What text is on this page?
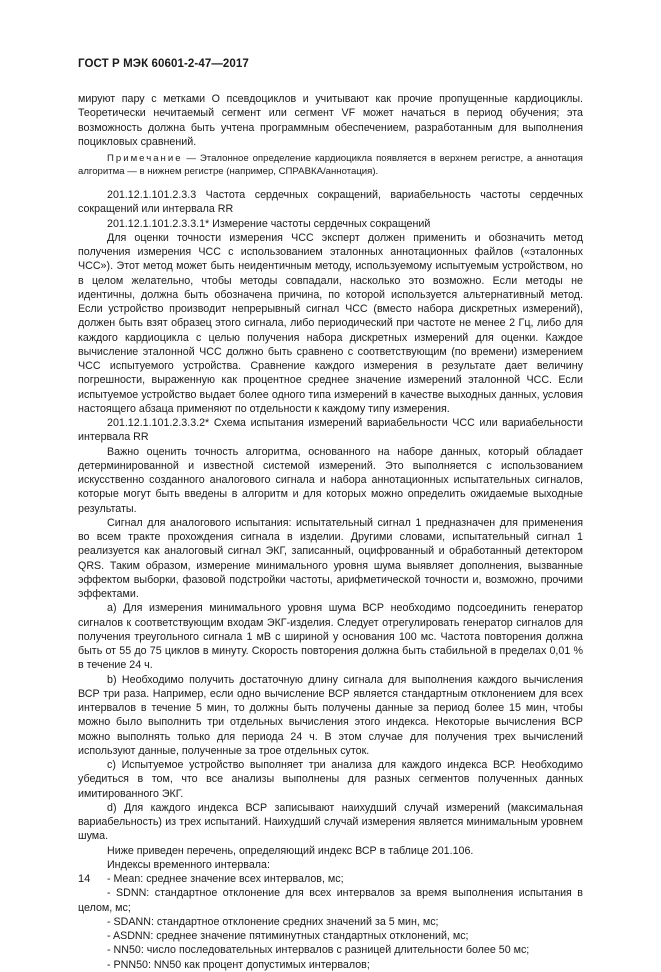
ГОСТ Р МЭК 60601-2-47—2017

мируют пару с метками О псевдоциклов и учитывают как прочие пропущенные кардиоциклы. Теоретически нечитаемый сегмент или сегмент VF может начаться в период обучения; эта возможность должна быть учтена программным обеспечением, разработанным для выполнения поцикловых сравнений.

Примечание — Эталонное определение кардиоцикла появляется в верхнем регистре, а аннотация алгоритма — в нижнем регистре (например, СПРАВКА/аннотация).

201.12.1.101.2.3.3 Частота сердечных сокращений, вариабельность частоты сердечных сокращений или интервала RR

201.12.1.101.2.3.3.1* Измерение частоты сердечных сокращений

Для оценки точности измерения ЧСС эксперт должен применить и обозначить метод получения измерения ЧСС с использованием эталонных аннотационных файлов («эталонных ЧСС»). Этот метод может быть неидентичным методу, используемому испытуемым устройством, но в целом желательно, чтобы методы совпадали, насколько это возможно. Если методы не идентичны, должна быть обозначена причина, по которой используется альтернативный метод. Если устройство производит непрерывный сигнал ЧСС (вместо набора дискретных измерений), должен быть взят образец этого сигнала, либо периодический при частоте не менее 2 Гц, либо для каждого кардиоцикла с целью получения набора дискретных измерений для оценки. Каждое вычисление эталонной ЧСС должно быть сравнено с соответствующим (по времени) измерением ЧСС испытуемого устройства. Сравнение каждого измерения в результате дает величину погрешности, выраженную как процентное среднее значение измерений эталонной ЧСС. Если испытуемое устройство выдает более одного типа измерений в качестве выходных данных, условия настоящего абзаца применяют по отдельности к каждому типу измерения.

201.12.1.101.2.3.3.2* Схема испытания измерений вариабельности ЧСС или вариабельности интервала RR

Важно оценить точность алгоритма, основанного на наборе данных, который обладает детерминированной и известной системой измерений. Это выполняется с использованием искусственно созданного аналогового сигнала и набора аннотационных испытательных сигналов, которые могут быть введены в алгоритм и для которых можно определить ожидаемые выходные результаты.

Сигнал для аналогового испытания: испытательный сигнал 1 предназначен для применения во всем тракте прохождения сигнала в изделии. Другими словами, испытательный сигнал 1 реализуется как аналоговый сигнал ЭКГ, записанный, оцифрованный и обработанный детектором QRS. Таким образом, измерение минимального уровня шума выявляет дополнения, вызванные эффектом выборки, фазовой подстройки частоты, арифметической точности и, возможно, прочими эффектами.

a) Для измерения минимального уровня шума ВСР необходимо подсоединить генератор сигналов к соответствующим входам ЭКГ-изделия. Следует отрегулировать генератор сигналов для получения треугольного сигнала 1 мВ с шириной у основания 100 мс. Частота повторения должна быть от 55 до 75 циклов в минуту. Скорость повторения должна быть стабильной в пределах 0,01 % в течение 24 ч.

b) Необходимо получить достаточную длину сигнала для выполнения каждого вычисления ВСР три раза. Например, если одно вычисление ВСР является стандартным отклонением для всех интервалов в течение 5 мин, то должны быть получены данные за период более 15 мин, чтобы можно было выполнить три отдельных вычисления этого индекса. Некоторые вычисления ВСР можно выполнять только для периода 24 ч. В этом случае для получения трех вычислений используют данные, полученные за трое отдельных суток.

c) Испытуемое устройство выполняет три анализа для каждого индекса ВСР. Необходимо убедиться в том, что все анализы выполнены для разных сегментов полученных данных имитированного ЭКГ.

d) Для каждого индекса ВСР записывают наихудший случай измерений (максимальная вариабельность) из трех испытаний. Наихудший случай измерения является минимальным уровнем шума.

Ниже приведен перечень, определяющий индекс ВСР в таблице 201.106.

Индексы временного интервала:

- Mean: среднее значение всех интервалов, мс;

- SDNN: стандартное отклонение для всех интервалов за время выполнения испытания в целом, мс;

- SDANN: стандартное отклонение средних значений за 5 мин, мс;

- ASDNN: среднее значение пятиминутных стандартных отклонений, мс;

- NN50: число последовательных интервалов с разницей длительности более 50 мс;

- PNN50: NN50 как процент допустимых интервалов;

14
